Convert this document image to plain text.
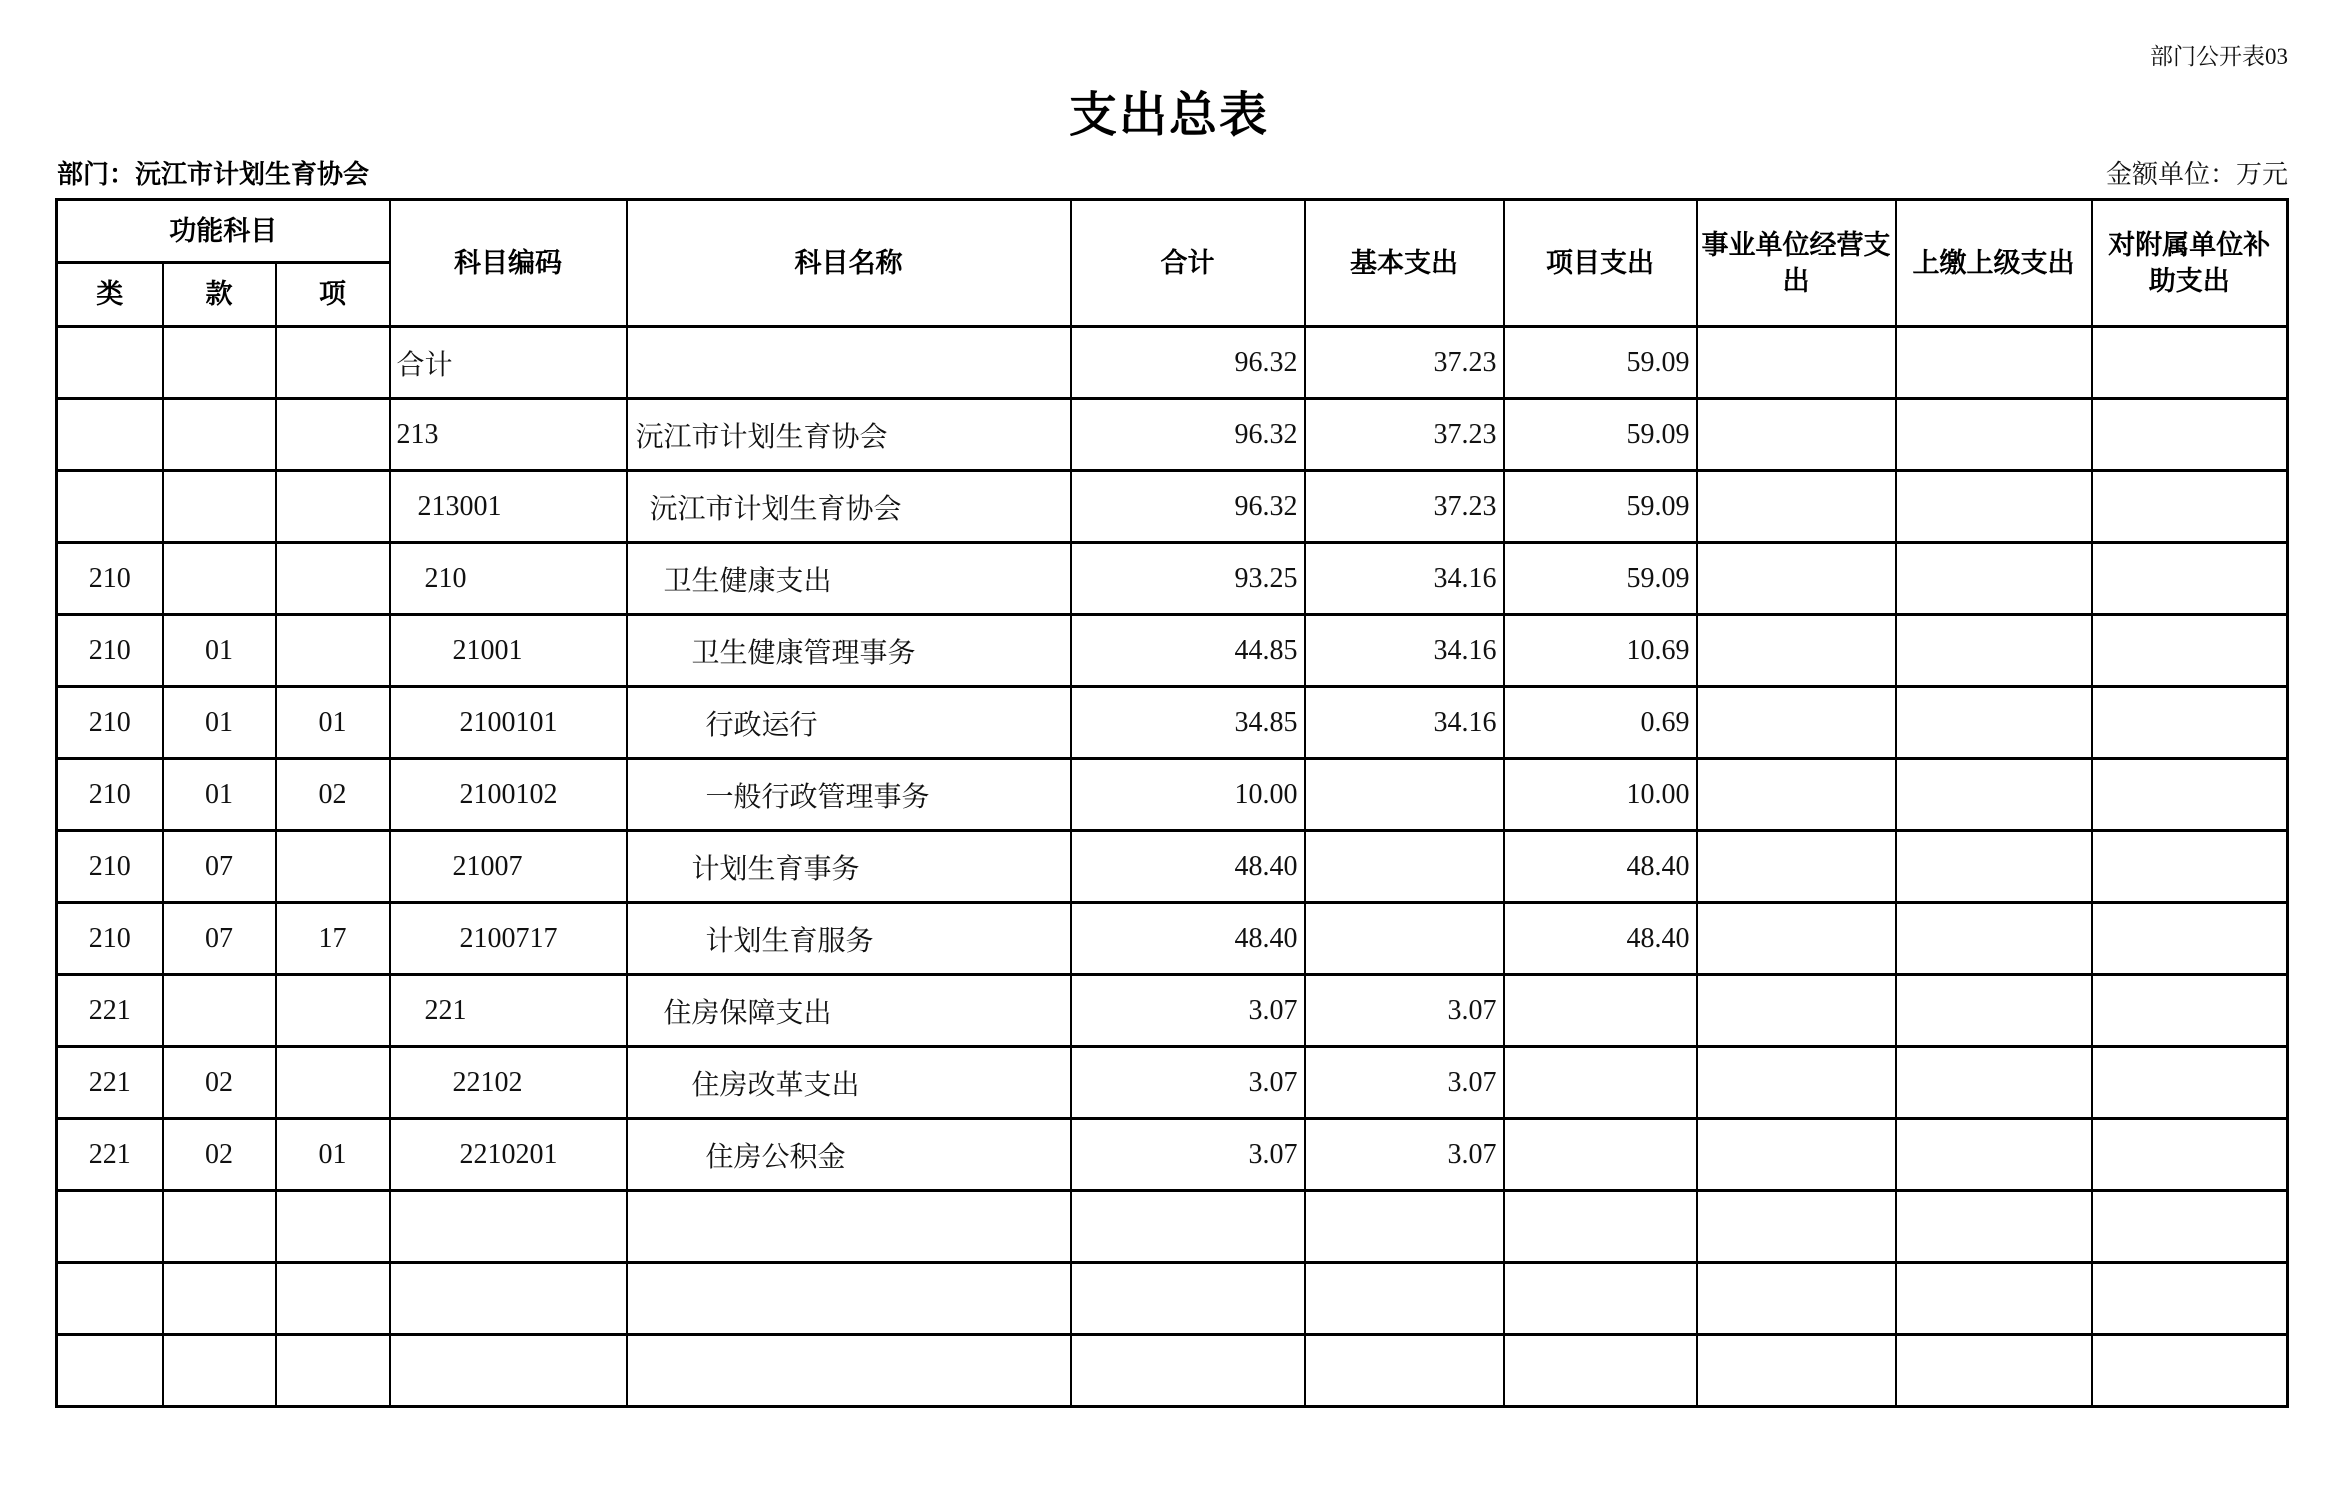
部门公开表03
支出总表
部门：沅江市计划生育协会	金额单位：万元
功能科目			科目编码	科目名称	合计	基本支出	项目支出	事业单位经营支出	上缴上级支出	对附属单位补助支出
类	款	项								
			合计		96.32	37.23	59.09			
			213	沅江市计划生育协会	96.32	37.23	59.09			
			213001	沅江市计划生育协会	96.32	37.23	59.09			
210			210	卫生健康支出	93.25	34.16	59.09			
210	01		21001	卫生健康管理事务	44.85	34.16	10.69			
210	01	01	2100101	行政运行	34.85	34.16	0.69			
210	01	02	2100102	一般行政管理事务	10.00		10.00			
210	07		21007	计划生育事务	48.40		48.40			
210	07	17	2100717	计划生育服务	48.40		48.40			
221			221	住房保障支出	3.07	3.07				
221	02		22102	住房改革支出	3.07	3.07				
221	02	01	2210201	住房公积金	3.07	3.07				
